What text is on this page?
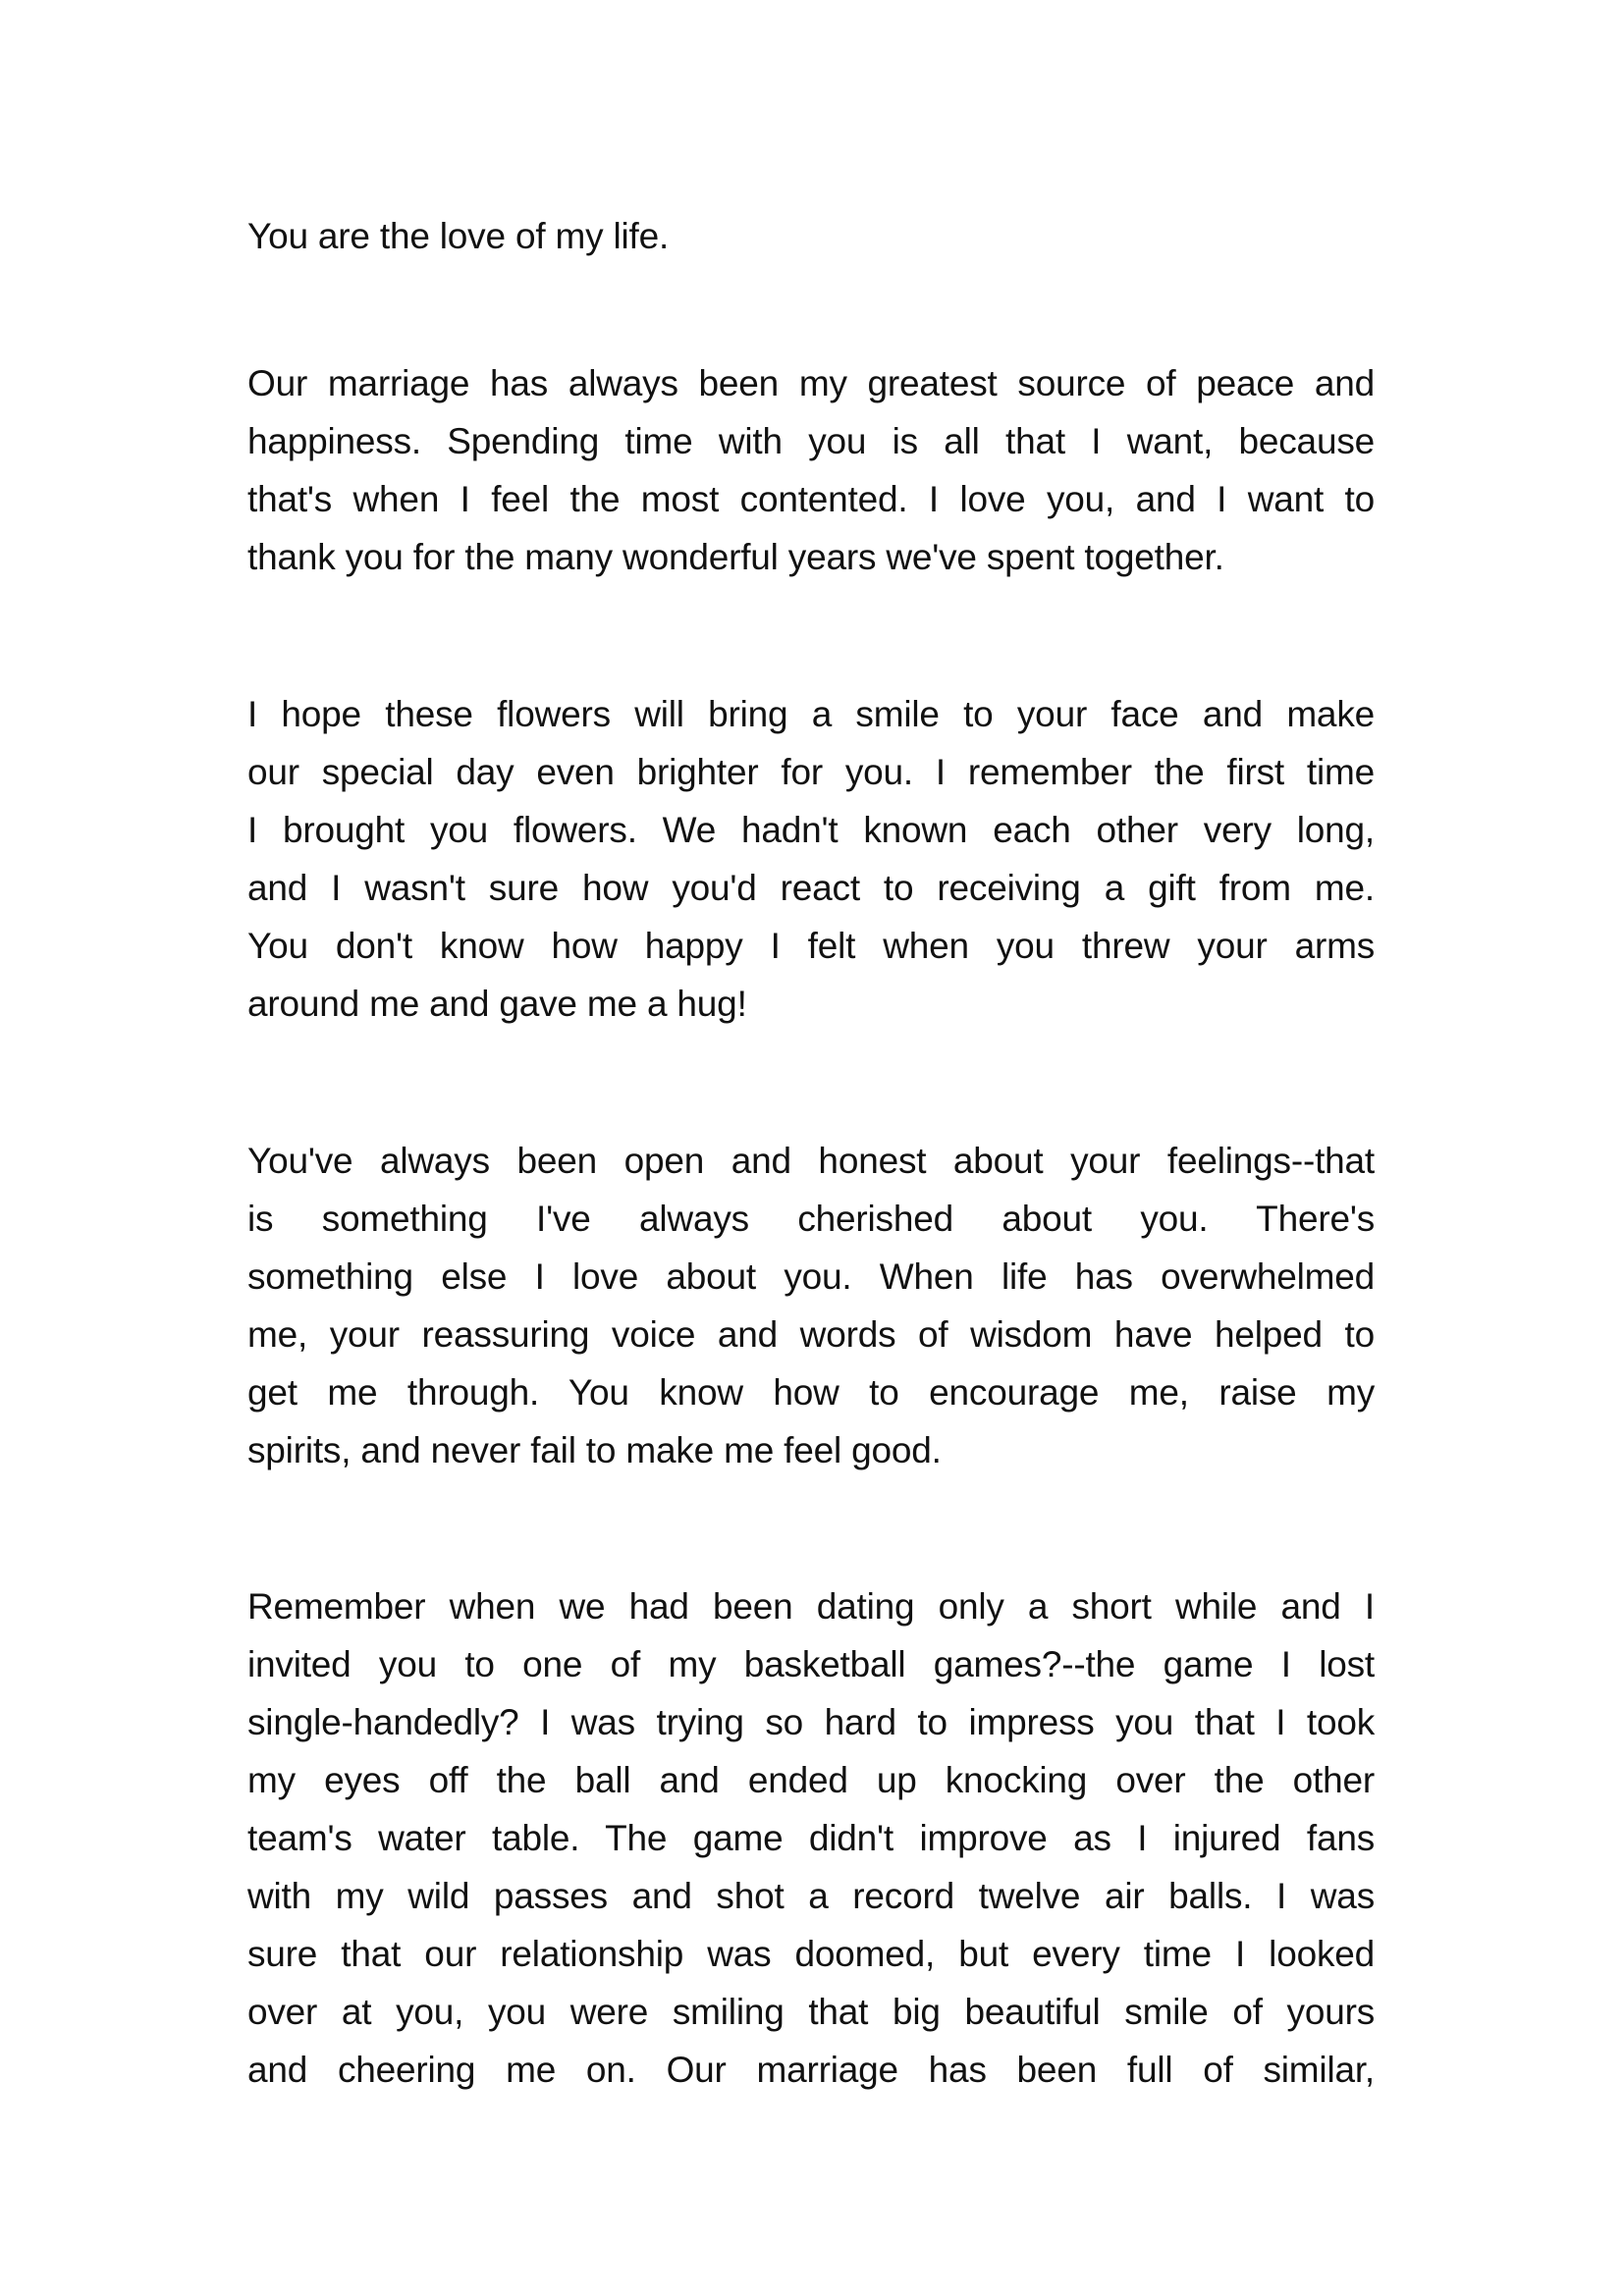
You are the love of my life.
Our marriage has always been my greatest source of peace and
happiness. Spending time with you is all that I want, because
that's when I feel the most contented. I love you, and I want to
thank you for the many wonderful years we've spent together.
I hope these flowers will bring a smile to your face and make
our special day even brighter for you. I remember the first time
I brought you flowers. We hadn't known each other very long,
and I wasn't sure how you'd react to receiving a gift from me.
You don't know how happy I felt when you threw your arms
around me and gave me a hug!
You've always been open and honest about your feelings--that
is something I've always cherished about you. There's
something else I love about you. When life has overwhelmed
me, your reassuring voice and words of wisdom have helped to
get me through. You know how to encourage me, raise my
spirits, and never fail to make me feel good.
Remember when we had been dating only a short while and I
invited you to one of my basketball games?--the game I lost
single-handedly? I was trying so hard to impress you that I took
my eyes off the ball and ended up knocking over the other
team's water table. The game didn't improve as I injured fans
with my wild passes and shot a record twelve air balls. I was
sure that our relationship was doomed, but every time I looked
over at you, you were smiling that big beautiful smile of yours
and cheering me on. Our marriage has been full of similar,
